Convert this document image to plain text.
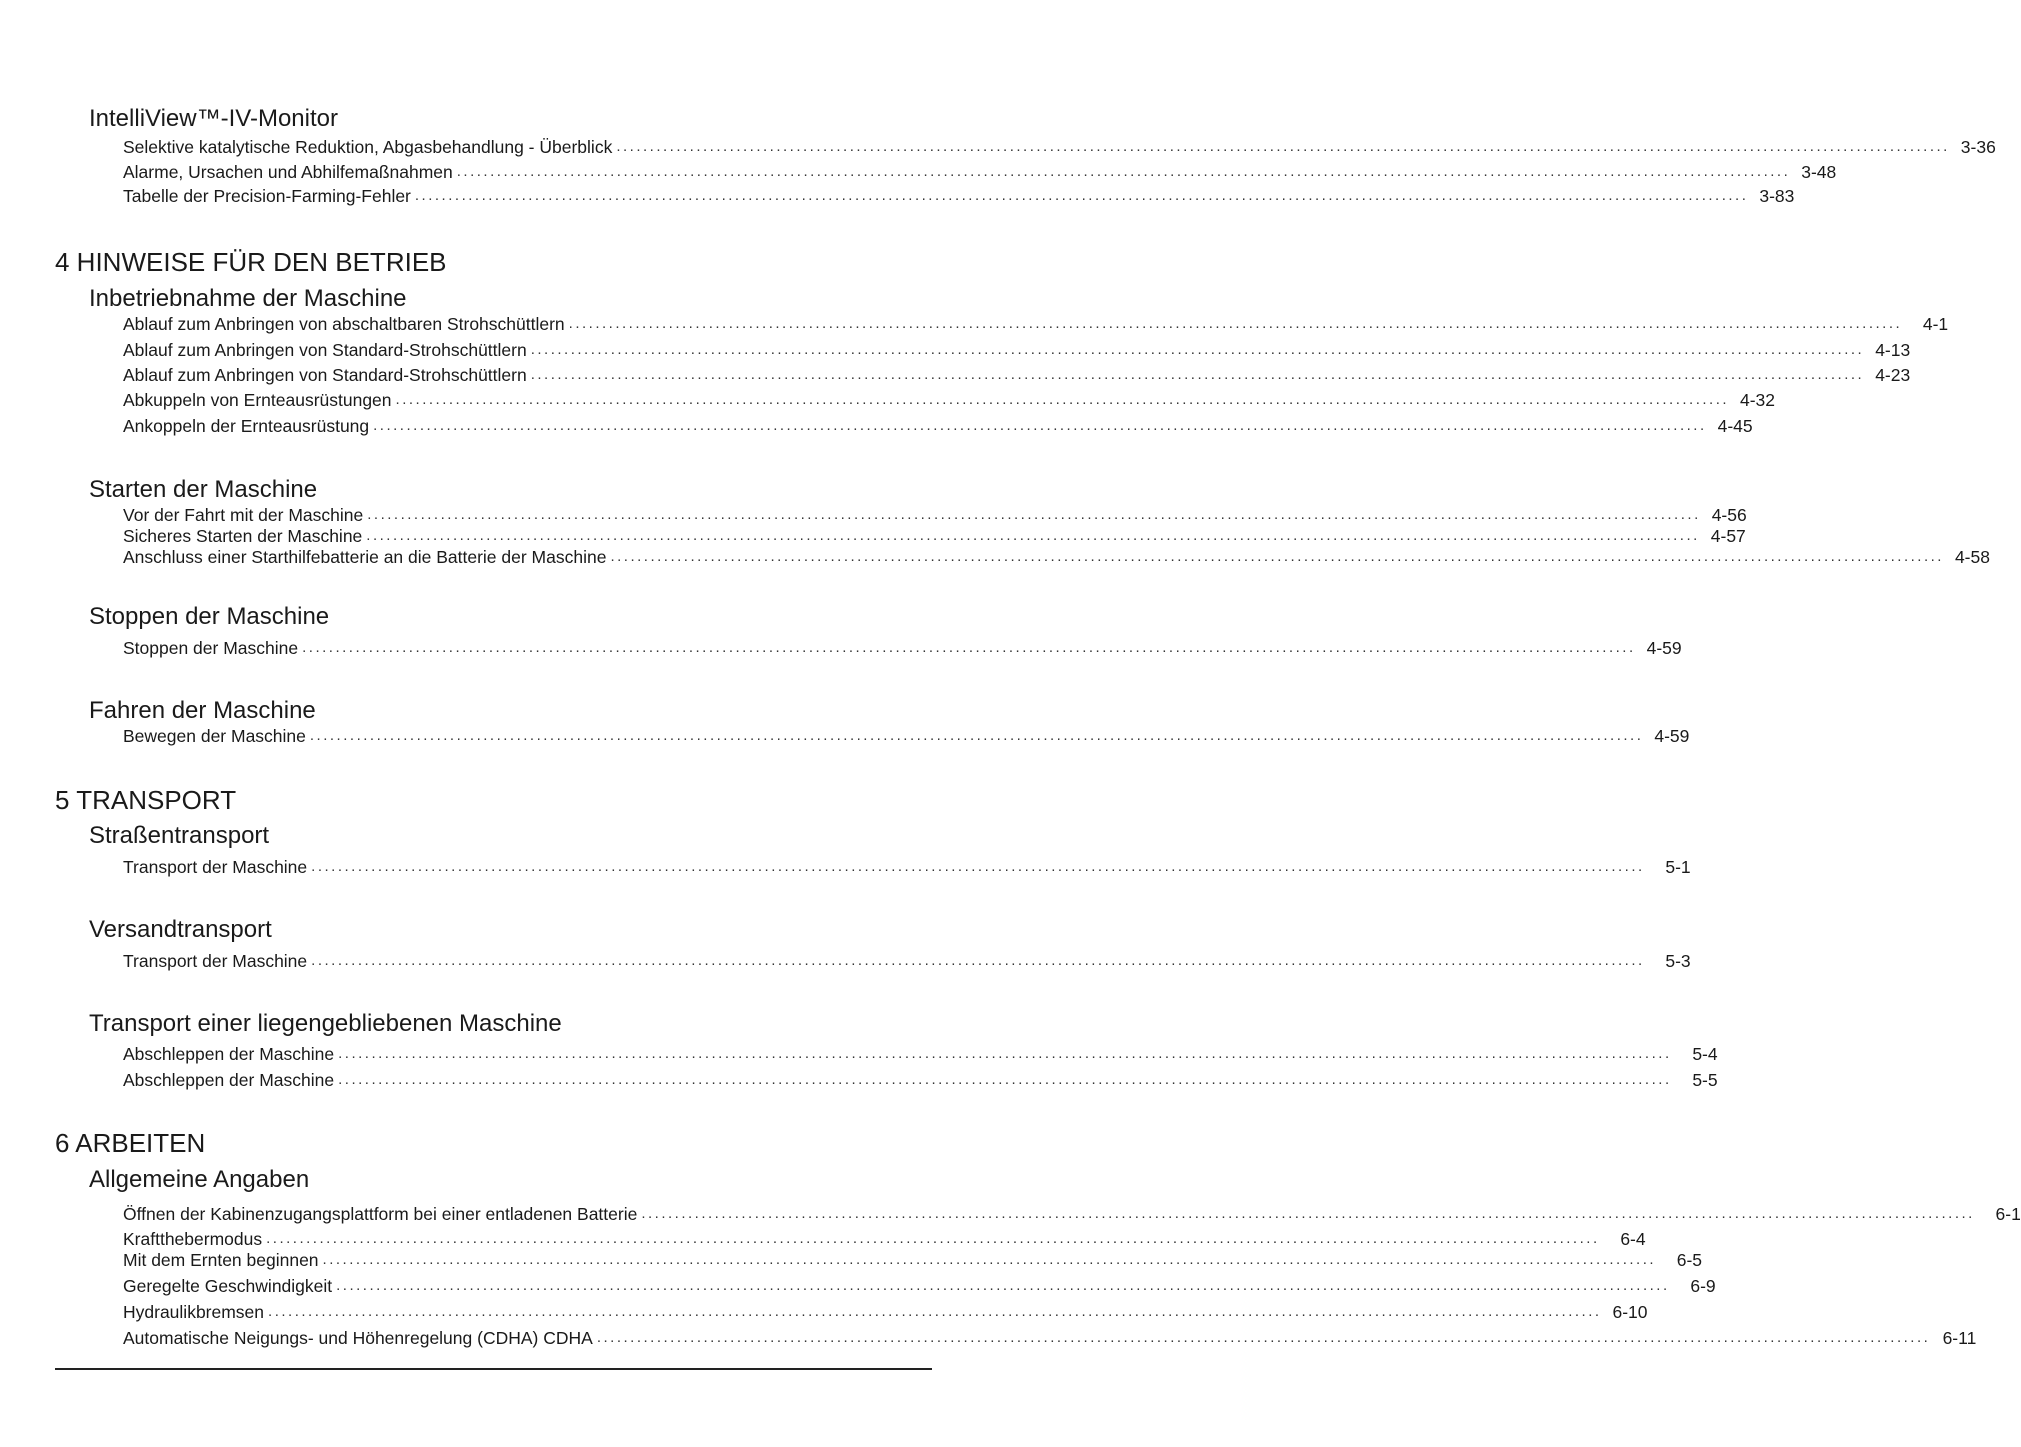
IntelliView™-IV-Monitor
Selektive katalytische Reduktion, Abgasbehandlung - Überblick ........................................................................................................................................................................................................ 3-36
Alarme, Ursachen und Abhilfemaßnahmen ........................................................................................................................................................................................................ 3-48
Tabelle der Precision-Farming-Fehler ........................................................................................................................................................................................................ 3-83
4 HINWEISE FÜR DEN BETRIEB
Inbetriebnahme der Maschine
Ablauf zum Anbringen von abschaltbaren Strohschüttlern ........................................................................................................................................................................................................	4-1
Ablauf zum Anbringen von Standard-Strohschüttlern ........................................................................................................................................................................................................ 4-13
Ablauf zum Anbringen von Standard-Strohschüttlern ........................................................................................................................................................................................................ 4-23
Abkuppeln von Ernteausrüstungen ........................................................................................................................................................................................................ 4-32
Ankoppeln der Ernteausrüstung ........................................................................................................................................................................................................ 4-45
Starten der Maschine
Vor der Fahrt mit der Maschine ........................................................................................................................................................................................................ 4-56
Sicheres Starten der Maschine ........................................................................................................................................................................................................ 4-57
Anschluss einer Starthilfebatterie an die Batterie der Maschine ........................................................................................................................................................................................................ 4-58
Stoppen der Maschine
Stoppen der Maschine ........................................................................................................................................................................................................ 4-59
Fahren der Maschine
Bewegen der Maschine ........................................................................................................................................................................................................ 4-59
5 TRANSPORT
Straßentransport
Transport der Maschine ........................................................................................................................................................................................................	5-1
Versandtransport
Transport der Maschine ........................................................................................................................................................................................................	5-3
Transport einer liegengebliebenen Maschine
Abschleppen der Maschine ........................................................................................................................................................................................................	5-4
Abschleppen der Maschine ........................................................................................................................................................................................................	5-5
6 ARBEITEN
Allgemeine Angaben
Öffnen der Kabinenzugangsplattform bei einer entladenen Batterie ........................................................................................................................................................................................................	6-1
Kraftthebermodus ........................................................................................................................................................................................................	6-4
Mit dem Ernten beginnen ........................................................................................................................................................................................................	6-5
Geregelte Geschwindigkeit ........................................................................................................................................................................................................	6-9
Hydraulikbremsen ........................................................................................................................................................................................................ 6-10
Automatische Neigungs- und Höhenregelung (CDHA) CDHA ........................................................................................................................................................................................................ 6-11
